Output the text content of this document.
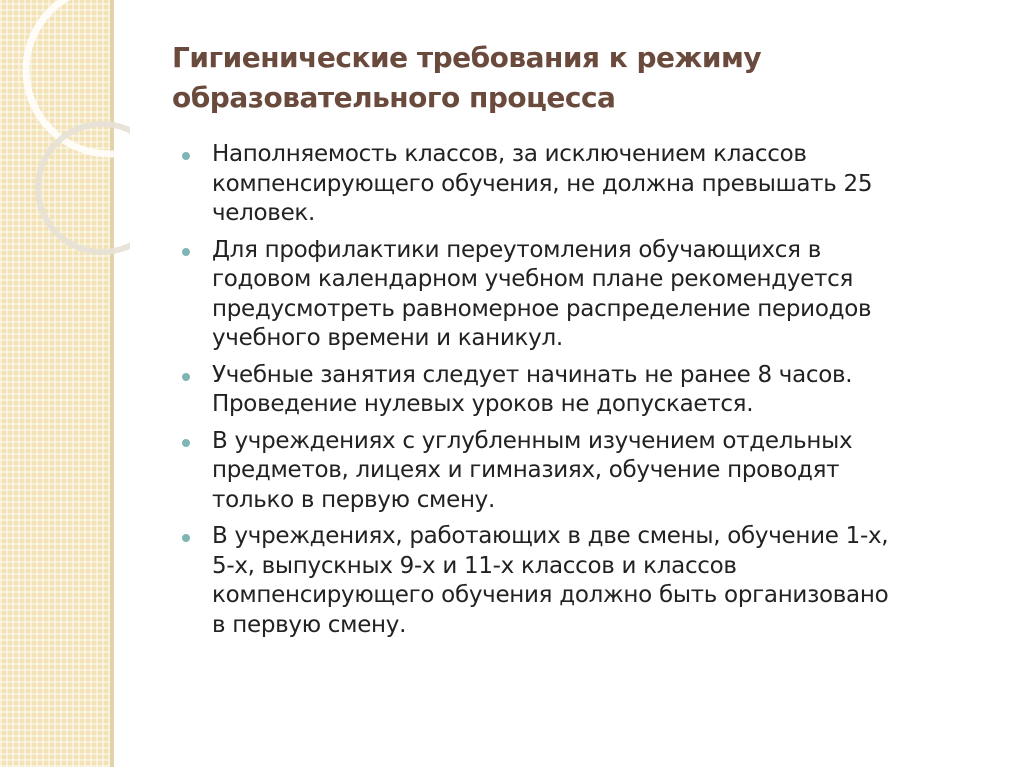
Гигиенические требования к режиму
образовательного процесса
Наполняемость классов, за исключением классов
компенсирующего обучения, не должна превышать 25
человек.
Для профилактики переутомления обучающихся в
годовом календарном учебном плане рекомендуется
предусмотреть равномерное распределение периодов
учебного времени и каникул.
Учебные занятия следует начинать не ранее 8 часов.
Проведение нулевых уроков не допускается.
В учреждениях с углубленным изучением отдельных
предметов, лицеях и гимназиях, обучение проводят
только в первую смену.
В учреждениях, работающих в две смены, обучение 1-х,
5-х, выпускных 9-х и 11-х классов и классов
компенсирующего обучения должно быть организовано
в первую смену.
